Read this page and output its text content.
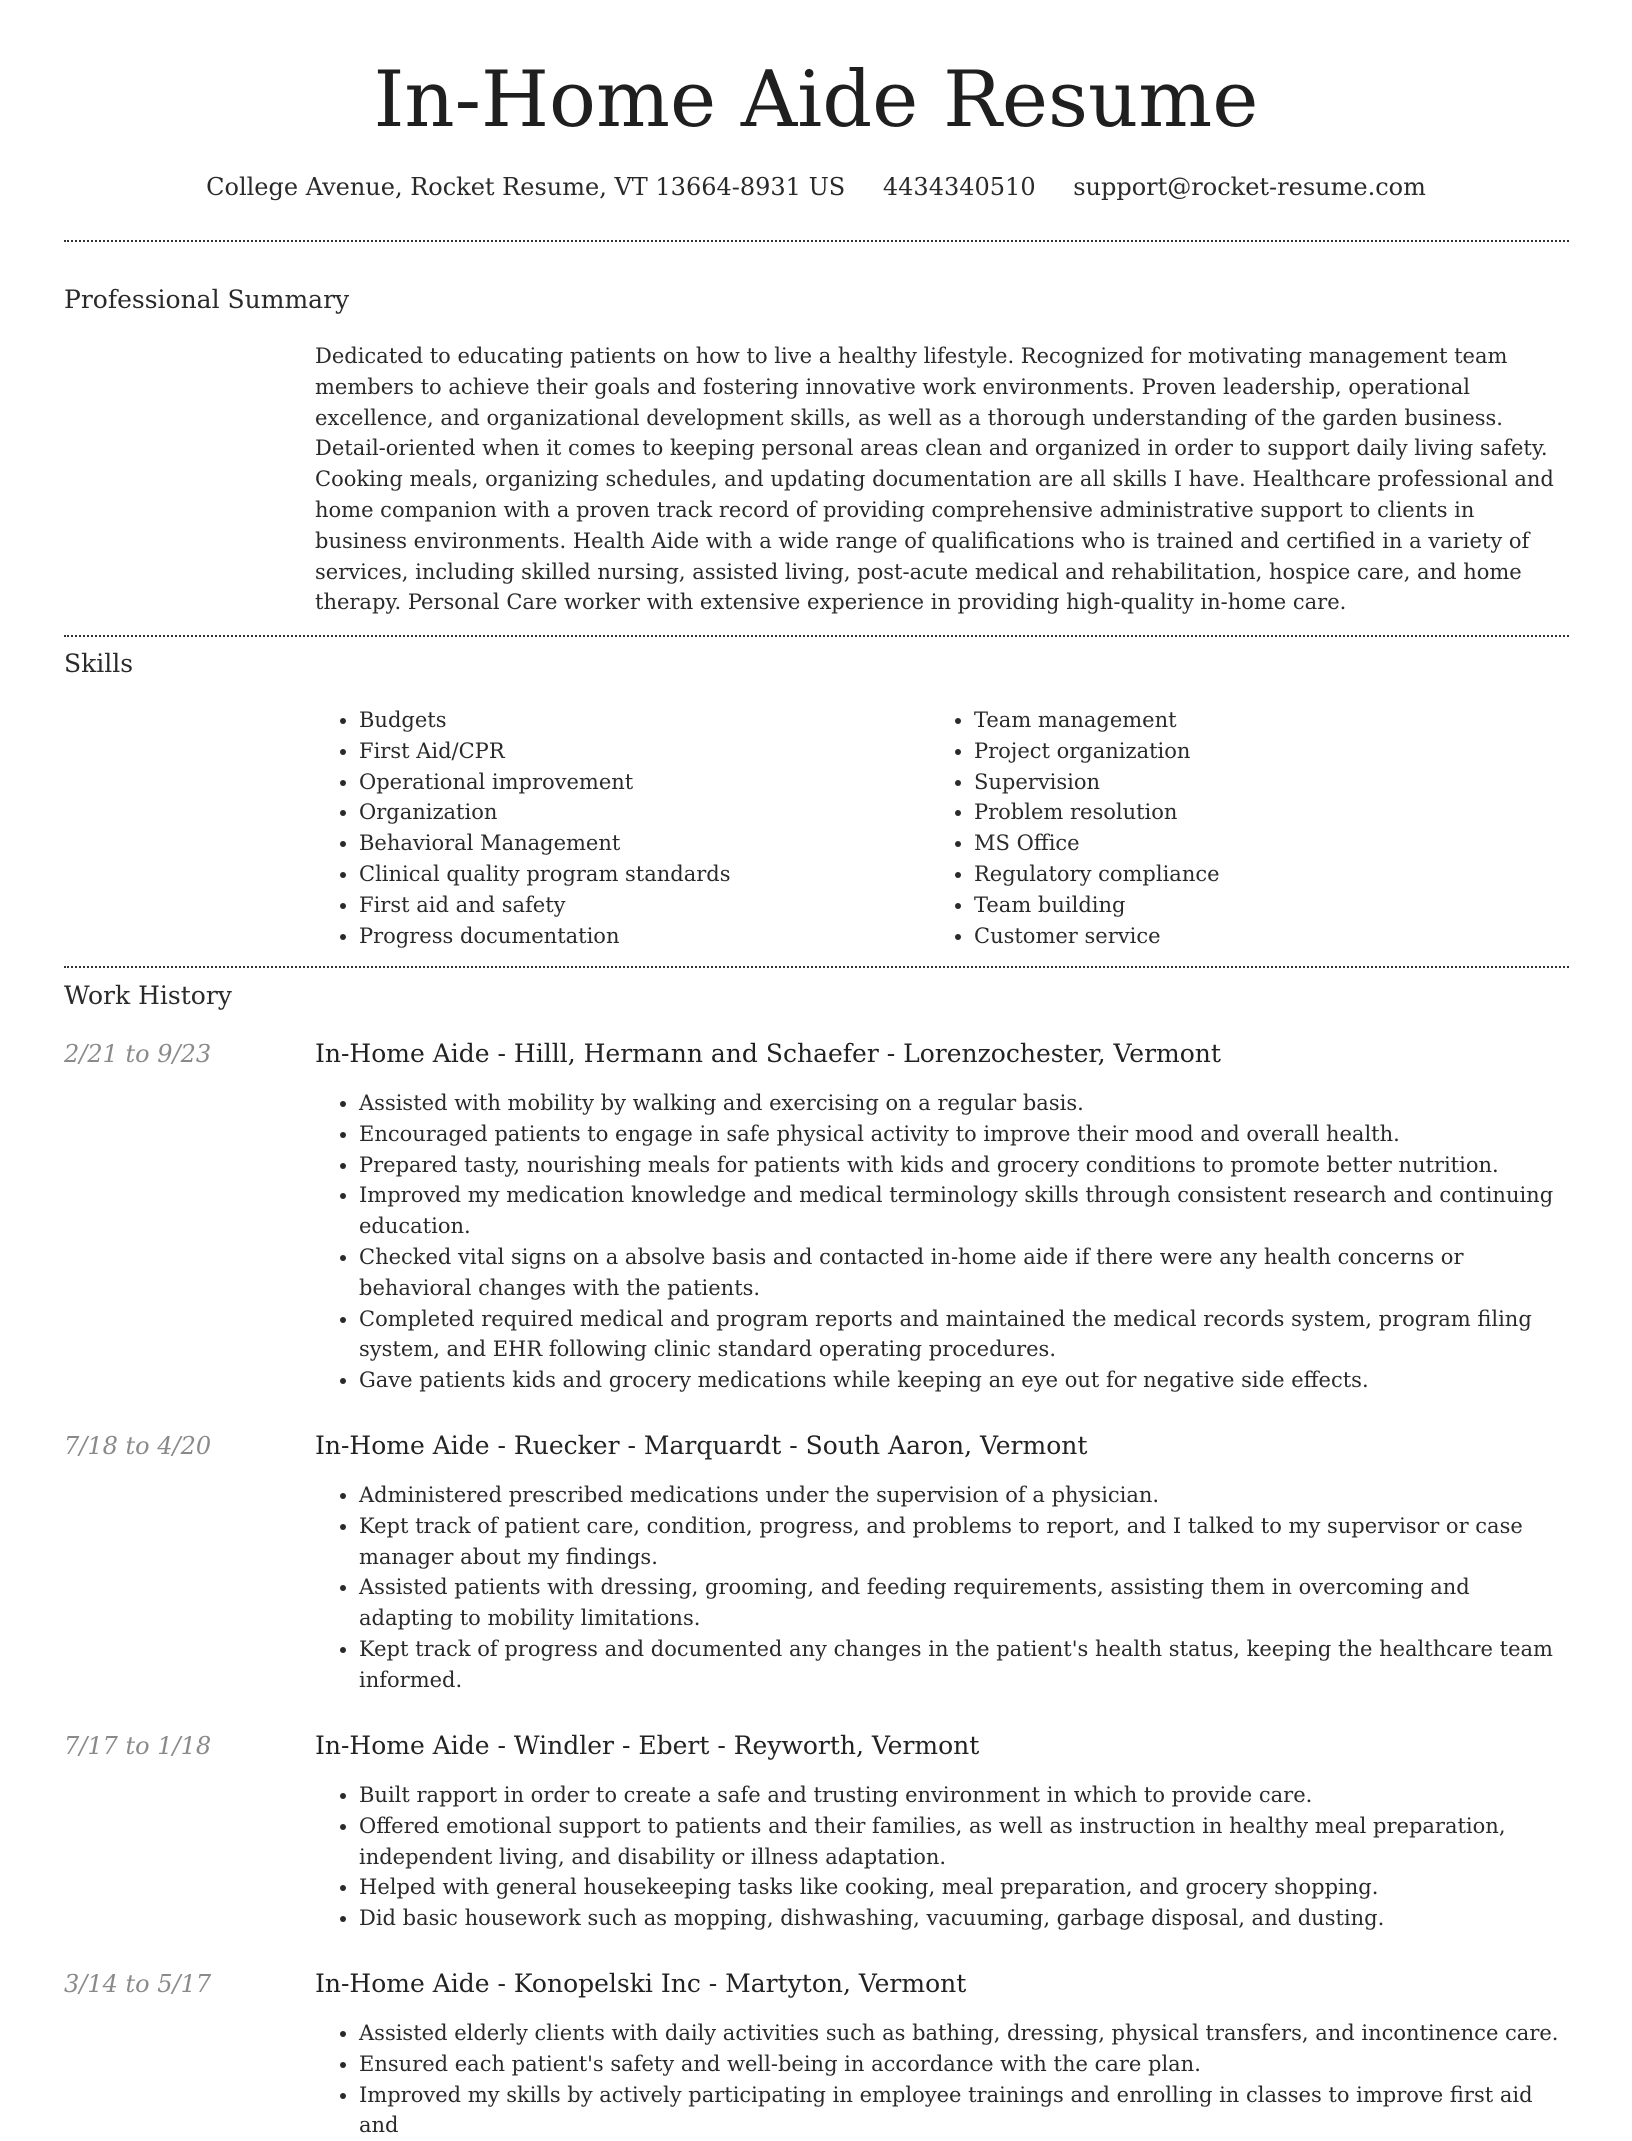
In-Home Aide Resume
College Avenue, Rocket Resume, VT 13664-8931 US 4434340510 support@rocket-resume.com
Professional Summary

Dedicated to educating patients on how to live a healthy lifestyle. Recognized for motivating management team members to achieve their goals and fostering innovative work environments. Proven leadership, operational excellence, and organizational development skills, as well as a thorough understanding of the garden business. Detail-oriented when it comes to keeping personal areas clean and organized in order to support daily living safety. Cooking meals, organizing schedules, and updating documentation are all skills I have. Healthcare professional and home companion with a proven track record of providing comprehensive administrative support to clients in business environments. Health Aide with a wide range of qualifications who is trained and certified in a variety of services, including skilled nursing, assisted living, post-acute medical and rehabilitation, hospice care, and home therapy. Personal Care worker with extensive experience in providing high-quality in-home care.

Skills
• Budgets
• First Aid/CPR
• Operational improvement
• Organization
• Behavioral Management
• Clinical quality program standards
• First aid and safety
• Progress documentation
• Team management
• Project organization
• Supervision
• Problem resolution
• MS Office
• Regulatory compliance
• Team building
• Customer service
Work History
2/21 to 9/23	In-Home Aide - Hilll, Hermann and Schaefer - Lorenzochester, Vermont
• Assisted with mobility by walking and exercising on a regular basis.
• Encouraged patients to engage in safe physical activity to improve their mood and overall health.
• Prepared tasty, nourishing meals for patients with kids and grocery conditions to promote better nutrition.
• Improved my medication knowledge and medical terminology skills through consistent research and continuing education.
• Checked vital signs on a absolve basis and contacted in-home aide if there were any health concerns or behavioral changes with the patients.
• Completed required medical and program reports and maintained the medical records system, program filing system, and EHR following clinic standard operating procedures.
• Gave patients kids and grocery medications while keeping an eye out for negative side effects.
7/18 to 4/20	In-Home Aide - Ruecker - Marquardt - South Aaron, Vermont
• Administered prescribed medications under the supervision of a physician.
• Kept track of patient care, condition, progress, and problems to report, and I talked to my supervisor or case manager about my findings.
• Assisted patients with dressing, grooming, and feeding requirements, assisting them in overcoming and adapting to mobility limitations.
• Kept track of progress and documented any changes in the patient's health status, keeping the healthcare team informed.
7/17 to 1/18	In-Home Aide - Windler - Ebert - Reyworth, Vermont
• Built rapport in order to create a safe and trusting environment in which to provide care.
• Offered emotional support to patients and their families, as well as instruction in healthy meal preparation, independent living, and disability or illness adaptation.
• Helped with general housekeeping tasks like cooking, meal preparation, and grocery shopping.
• Did basic housework such as mopping, dishwashing, vacuuming, garbage disposal, and dusting.
3/14 to 5/17	In-Home Aide - Konopelski Inc - Martyton, Vermont
• Assisted elderly clients with daily activities such as bathing, dressing, physical transfers, and incontinence care.
• Ensured each patient's safety and well-being in accordance with the care plan.
• Improved my skills by actively participating in employee trainings and enrolling in classes to improve first aid and
